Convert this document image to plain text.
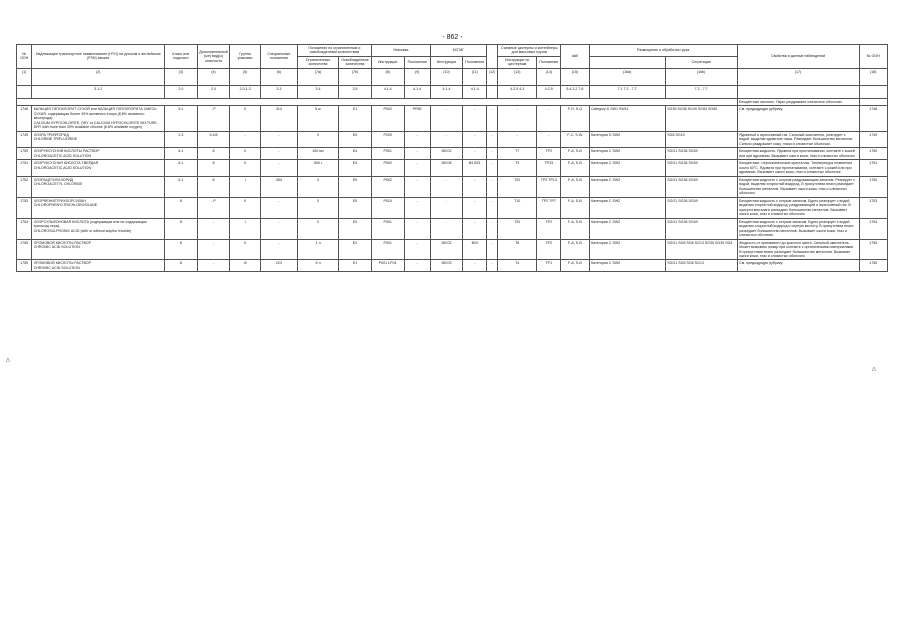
- 862 -
△
△
№ ООН	Надлежащее транспортное наименование (НТН) на русском и английском (PSN) языках	Класс или подкласс	Дополнительный (ые) вид(ы) опасности	Группа упаковки	Специальные положения	Положения по ограниченным и освобожденным количествам		Упаковка		КСГМГ			Съемные цистерны и контейнеры для массовых грузов		АвК	Размещение и обработка груза		Свойства и данные наблюдений	№ ООН
						Ограниченные количества	Освобожденные количества	Инструкции	Положения	Инструкции	Положения		Инструкции по цистернам	Положения			Сегрегация		
(1)	(2)	(3)	(4)	(5)	(6)	(7a)	(7b)	(8)	(9)	(10)	(11)	(12)	(13)	(14)	(15)	(16a)	(16b)	(17)	(18)
	3.1.2	2.0	2.0	2.0.1.3	3.3	3.4	3.5	4.1.4	4.1.4	4.1.4	4.1.4		4.2.5 4.3	4.2.5	5.4.3.2 7.8	7.1 7.2 - 7.7	7.2 - 7.7		
																		Бесцветные кислоты. Пары раздражают слизистые оболочки.	
1748	КАЛЬЦИЯ ГИПОХЛОРИТ СУХОЙ или КАЛЬЦИЯ ГИПОХЛОРИТА СМЕСЬ СУХАЯ, содержащая более 39% активного хлора (8,8% активного кислорода)
CALCIUM HYPOCHLORITE, DRY or CALCIUM HYPOCHLORITE MIXTURE, DRY with more than 39% available chlorine (8.8% available oxygen)	5.1	- P	II	314	5 кг	E1	P002	PP85	-	-	-	-	-	F-H, S-Q	Category D SW1 SW11	SG35 SG38 SG49 SG53 SG60	См. предыдущую рубрику.	1748
1749	ХЛОРА ТРИФТОРИД
CHLORINE TRIFLUORIDE	2.3	5.1/8	-	-	0	E0	P200	-	-	-	-	-	-	F-C, S-W	Категория D SW2	SG6 SG19	Ядовитый и агрессивный газ. Сильный окислитель, реагирует с водой, выделяя ядовитые пары. Разъедает большинство металлов. Сильно раздражает кожу, глаза и слизистые оболочки.	1749
1750	ХЛОРУКСУСНОЙ КИСЛОТЫ РАСТВОР
CHLOROACETIC ACID SOLUTION	6.1	8	II	-	100 мл	E4	P001	-	IBC02	-	-	T7	TP2	F-A, S-B	Категория C SW2	SGG1 SG36 SG49	Бесцветная жидкость. Ядовита при проглатывании, контакте с кожей или при вдыхании. Вызывает ожоги кожи, глаз и слизистых оболочек.	1750
1751	ХЛОРУКСУСНАЯ КИСЛОТА ТВЕРДАЯ
CHLOROACETIC ACID SOLUTION	6.1	8	II	-	500 г	E4	P002	-	IBC08	B4 B21	-	T3	TP33	F-A, S-B	Категория C SW2	SGG1 SG36 SG49	Бесцветные, гигроскопические кристаллы. Температура плавления около 60°C. Ядовита при проглатывании, контакте с кожей или при вдыхании. Вызывает ожоги кожи, глаз и слизистых оболочек.	1751
1752	ХЛОРАЦЕТИЛХЛОРИД
CHLOROACETYL CHLORIDE	6.1	8	I	354	0	E0	P602	-	-	-	-	T20	TP2 TP13	F-A, S-B	Категория C SW2	SGG1 SG36 SG49	Бесцветная жидкость с острым раздражающим запахом. Реагирует с водой, выделяя хлористый водород. В присутствии влаги разъедает большинство металлов. Вызывает ожоги кожи, глаз и слизистых оболочек.	1752
1753	ХЛОРФЕНИЛТРИХЛОРСИЛАН
CHLOROPHENYLTRICHLOROSILANE	8	- P	II	-	0	E0	P010	-	-	-	-	T10	TP2 TP7	F-A, S-B	Категория C SW2	SGG1 SG36 SG49	Бесцветная жидкость с острым запахом. Бурно реагирует с водой, выделяя хлористый водород, раздражающий и агрессивный газ. В присутствии влаги разъедает большинство металлов. Вызывает ожоги кожи, глаз и слизистых оболочек.	1753
1754	ХЛОРСУЛЬФОНОВАЯ КИСЛОТА (содержащая или не содержащая триоксид серы)
CHLOROSULPHONIC ACID (with or without sulphur trioxide)	8	-	I	-	0	E0	P001	-	-	-	-	T20	TP2	F-A, S-B	Категория C SW2	SGG1 SG36 SG49	Бесцветная жидкость с острым запахом. Бурно реагирует с водой, выделяя хлористый водород и серную кислоту. В присутствии влаги разъедает большинство металлов. Вызывает ожоги кожи, глаз и слизистых оболочек.	1754
1755	ХРОМОВОЙ КИСЛОТЫ РАСТВОР
CHROMIC ACID SOLUTION	8	-	II	-	1 л	E2	P001	-	IBC02	B20	-	T8	TP2	F-A, S-B	Категория C SW2	SGG1 SG6 SG8 SG13 SG35 SG39 SG4	Жидкость от оранжевого до красного цвета. Сильный окислитель. Может вызывать пожар при контакте с органическими материалами. В присутствии влаги разъедает большинство металлов. Вызывает ожоги кожи, глаз и слизистых оболочек.	1755
1755	ХРОМОВОЙ КИСЛОТЫ РАСТВОР
CHROMIC ACID SOLUTION	8	-	III	223	5 л	E1	P001 LP01	-	IBC03	-	-	T4	TP1	F-A, S-B	Категория C SW2	SGG1 SG6 SG8 SG13	См. предыдущую рубрику.	1755
